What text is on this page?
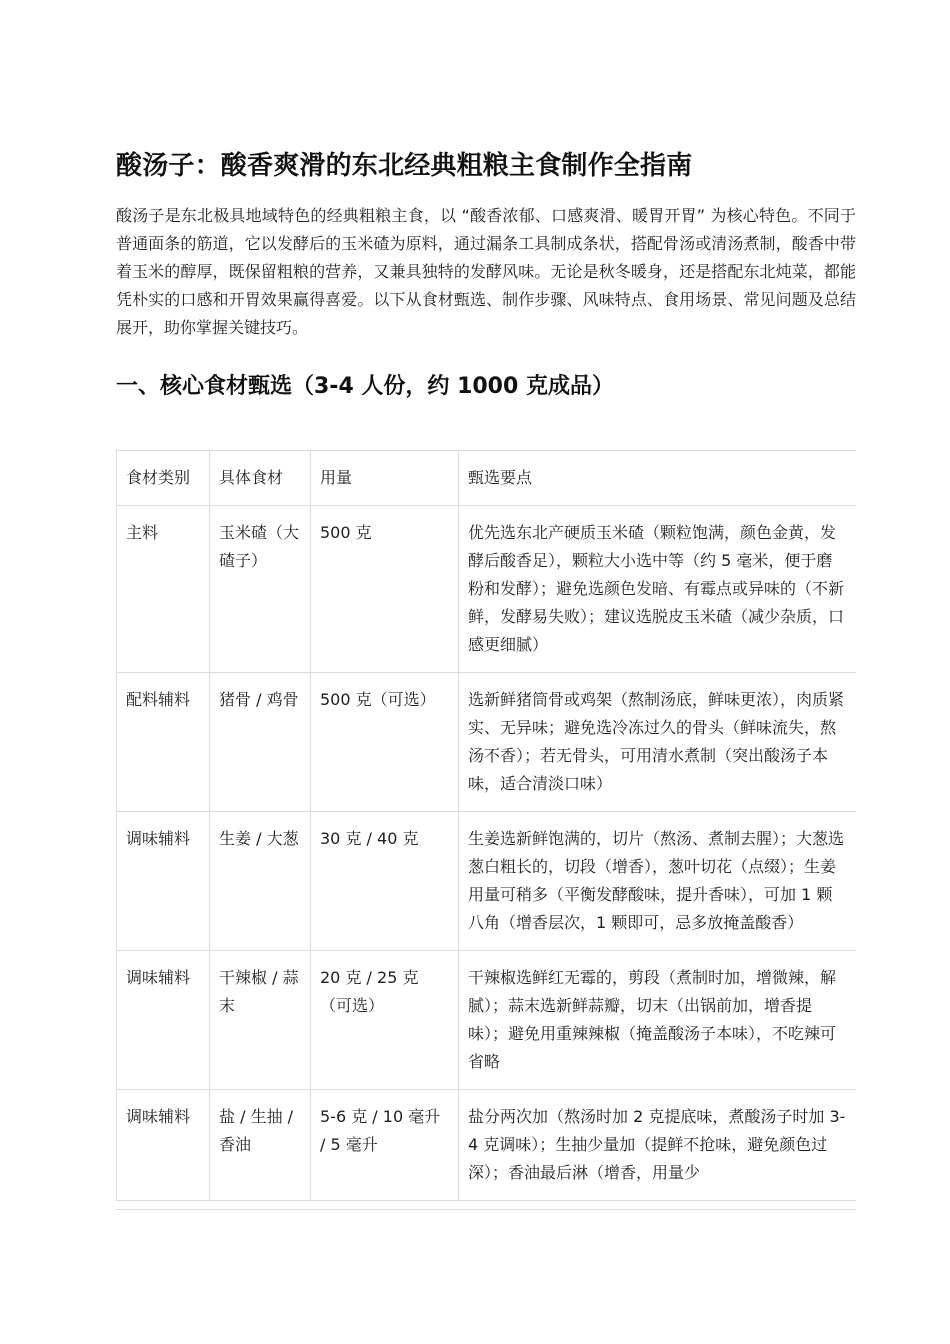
酸汤子：酸香爽滑的东北经典粗粮主食制作全指南

酸汤子是东北极具地域特色的经典粗粮主食，以 “酸香浓郁、口感爽滑、暖胃开胃” 为核心特色。不同于普通面条的筋道，它以发酵后的玉米碴为原料，通过漏条工具制成条状，搭配骨汤或清汤煮制，酸香中带着玉米的醇厚，既保留粗粮的营养，又兼具独特的发酵风味。无论是秋冬暖身，还是搭配东北炖菜，都能凭朴实的口感和开胃效果赢得喜爱。以下从食材甄选、制作步骤、风味特点、食用场景、常见问题及总结展开，助你掌握关键技巧。

一、核心食材甄选（3-4 人份，约 1000 克成品）
食材类别	具体食材	用量	甄选要点
主料	玉米碴（大碴子）	500 克	优先选东北产硬质玉米碴（颗粒饱满，颜色金黄，发酵后酸香足），颗粒大小选中等（约 5 毫米，便于磨粉和发酵）；避免选颜色发暗、有霉点或异味的（不新鲜，发酵易失败）；建议选脱皮玉米碴（减少杂质，口感更细腻）
配料辅料	猪骨 / 鸡骨	500 克（可选）	选新鲜猪筒骨或鸡架（熬制汤底，鲜味更浓），肉质紧实、无异味；避免选冷冻过久的骨头（鲜味流失，熬汤不香）；若无骨头，可用清水煮制（突出酸汤子本味，适合清淡口味）
调味辅料	生姜 / 大葱	30 克 / 40 克	生姜选新鲜饱满的，切片（熬汤、煮制去腥）；大葱选葱白粗长的，切段（增香），葱叶切花（点缀）；生姜用量可稍多（平衡发酵酸味，提升香味），可加 1 颗八角（增香层次，1 颗即可，忌多放掩盖酸香）
调味辅料	干辣椒 / 蒜末	20 克 / 25 克（可选）	干辣椒选鲜红无霉的，剪段（煮制时加，增微辣，解腻）；蒜末选新鲜蒜瓣，切末（出锅前加，增香提味）；避免用重辣辣椒（掩盖酸汤子本味），不吃辣可省略
调味辅料	盐 / 生抽 / 香油	5-6 克 / 10 毫升 / 5 毫升	盐分两次加（熬汤时加 2 克提底味，煮酸汤子时加 3-4 克调味）；生抽少量加（提鲜不抢味，避免颜色过深）；香油最后淋（增香，用量少
